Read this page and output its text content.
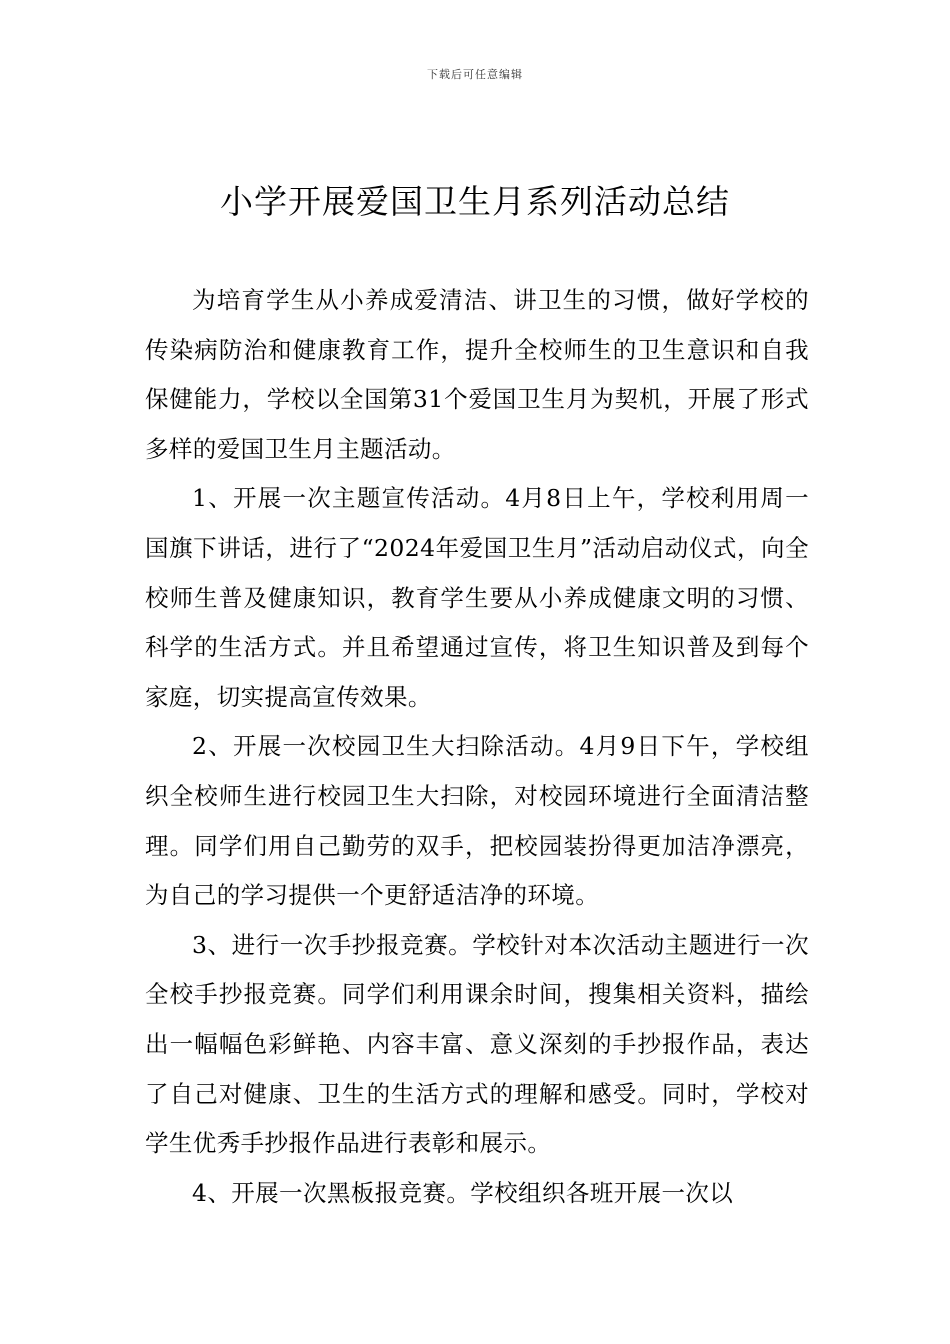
下载后可任意编辑
小学开展爱国卫生月系列活动总结

为培育学生从小养成爱清洁、讲卫生的习惯，做好学校的传染病防治和健康教育工作，提升全校师生的卫生意识和自我保健能力，学校以全国第31个爱国卫生月为契机，开展了形式多样的爱国卫生月主题活动。

1、开展一次主题宣传活动。4月8日上午，学校利用周一国旗下讲话，进行了“2024年爱国卫生月”活动启动仪式，向全校师生普及健康知识，教育学生要从小养成健康文明的习惯、科学的生活方式。并且希望通过宣传，将卫生知识普及到每个家庭，切实提高宣传效果。

2、开展一次校园卫生大扫除活动。4月9日下午，学校组织全校师生进行校园卫生大扫除，对校园环境进行全面清洁整理。同学们用自己勤劳的双手，把校园装扮得更加洁净漂亮，为自己的学习提供一个更舒适洁净的环境。

3、进行一次手抄报竞赛。学校针对本次活动主题进行一次全校手抄报竞赛。同学们利用课余时间，搜集相关资料，描绘出一幅幅色彩鲜艳、内容丰富、意义深刻的手抄报作品，表达了自己对健康、卫生的生活方式的理解和感受。同时，学校对学生优秀手抄报作品进行表彰和展示。

4、开展一次黑板报竞赛。学校组织各班开展一次以
